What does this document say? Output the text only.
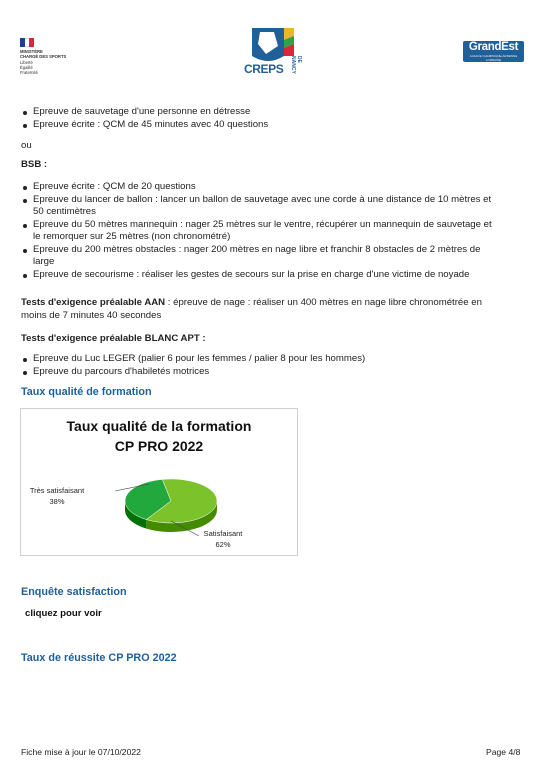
MINISTÈRE
CHARGÉ DES SPORTS
Liberté
Égalité
Fraternité	CREPS
DE NANCY
GrandEst
ALSACE CHAMPAGNE-ARDENNE LORRAINE
Epreuve de sauvetage d'une personne en détresse
Epreuve écrite : QCM de 45 minutes avec 40 questions
ou
BSB :
Epreuve écrite : QCM de 20 questions
Epreuve du lancer de ballon : lancer un ballon de sauvetage avec une corde à une distance de 10 mètres et
50 centimètres
Epreuve du 50 mètres mannequin : nager 25 mètres sur le ventre, récupérer un mannequin de sauvetage et
le remorquer sur 25 mètres (non chronométré)
Epreuve du 200 mètres obstacles : nager 200 mètres en nage libre et franchir 8 obstacles de 2 mètres de
large
Epreuve de secourisme : réaliser les gestes de secours sur la prise en charge d'une victime de noyade
Tests d'exigence préalable AAN : épreuve de nage : réaliser un 400 mètres en nage libre chronométrée en
moins de 7 minutes 40 secondes
Tests d'exigence préalable BLANC APT :
Epreuve du Luc LEGER (palier 6 pour les femmes / palier 8 pour les hommes)
Epreuve du parcours d'habiletés motrices
Taux qualité de formation
Taux qualité de la formation
CP PRO 2022
Très satisfaisant
38%
Satisfaisant
62%
Enquête satisfaction
cliquez pour voir
Taux de réussite CP PRO 2022
Fiche mise à jour le 07/10/2022	Page 4/8
